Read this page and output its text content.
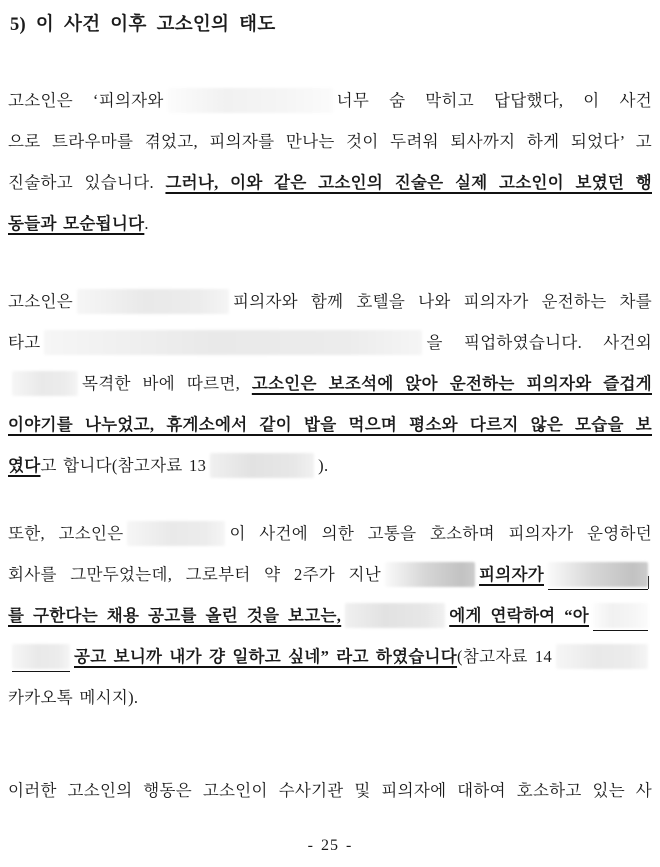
5) 이 사건 이후 고소인의 태도
고소인은 ‘피의자와	너무 숨 막히고 답답했다, 이 사건
으로 트라우마를 겪었고, 피의자를 만나는 것이 두려워 퇴사까지 하게 되었다’ 고
진술하고 있습니다. 그러나, 이와 같은 고소인의 진술은 실제 고소인이 보였던 행
동들과 모순됩니다.
고소인은	피의자와 함께 호텔을 나와 피의자가 운전하는 차를
타고	을 픽업하였습니다. 사건외
목격한 바에 따르면, 고소인은 보조석에 앉아 운전하는 피의자와 즐겁게
이야기를 나누었고, 휴게소에서 같이 밥을 먹으며 평소와 다르지 않은 모습을 보
였다고 합니다(참고자료 13	).
또한, 고소인은	이 사건에 의한 고통을 호소하며 피의자가 운영하던
회사를 그만두었는데, 그로부터 약 2주가 지난	피의자가
를 구한다는 채용 공고를 올린 것을 보고는,	에게 연락하여 “아
공고 보니까 내가 걍 일하고 싶네” 라고 하였습니다(참고자료 14
카카오톡 메시지).
이러한 고소인의 행동은 고소인이 수사기관 및 피의자에 대하여 호소하고 있는 사
- 25 -
